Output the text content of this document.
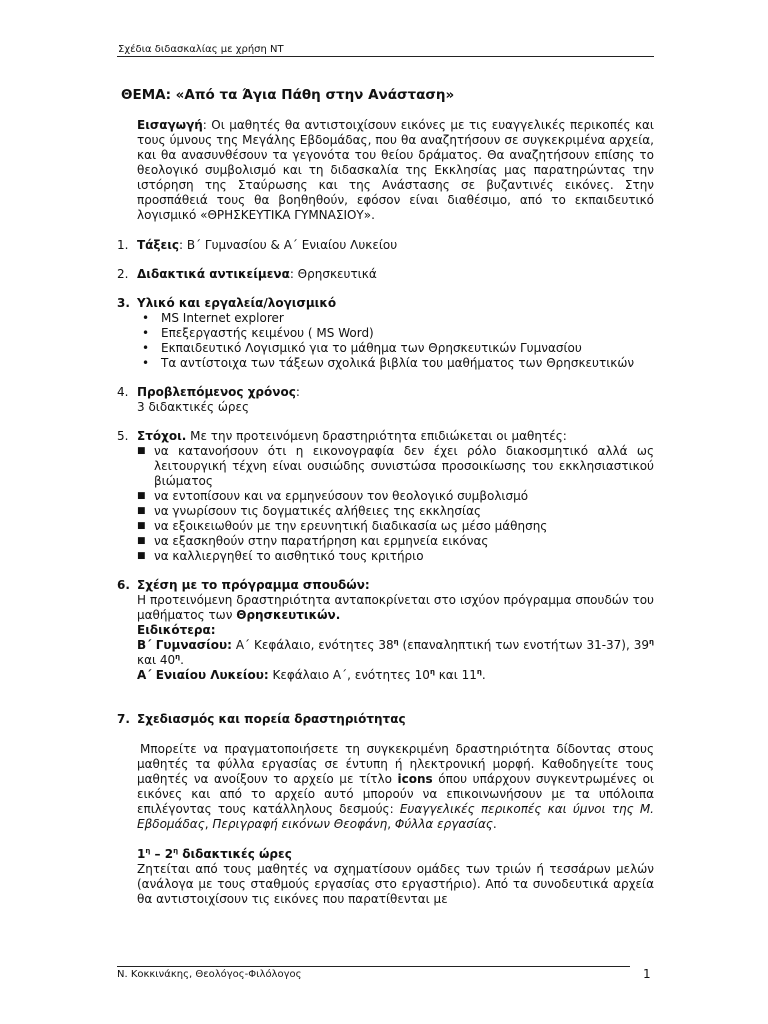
Σχέδια διδασκαλίας με χρήση ΝΤ
ΘΕΜΑ: «Από τα Άγια Πάθη στην Ανάσταση»
Εισαγωγή: Οι μαθητές θα αντιστοιχίσουν εικόνες με τις ευαγγελικές περικοπές και τους ύμνους της Μεγάλης Εβδομάδας, που θα αναζητήσουν σε συγκεκριμένα αρχεία, και θα ανασυνθέσουν τα γεγονότα του θείου δράματος. Θα αναζητήσουν επίσης το θεολογικό συμβολισμό και τη διδασκαλία της Εκκλησίας μας παρατηρώντας την ιστόρηση της Σταύρωσης και της Ανάστασης σε βυζαντινές εικόνες. Στην προσπάθειά τους θα βοηθηθούν, εφόσον είναι διαθέσιμο, από το εκπαιδευτικό λογισμικό «ΘΡΗΣΚΕΥΤΙΚΑ ΓΥΜΝΑΣΙΟΥ».
1. Τάξεις: Β΄ Γυμνασίου & Α΄ Ενιαίου Λυκείου
2. Διδακτικά αντικείμενα: Θρησκευτικά
3. Υλικό και εργαλεία/λογισμικό
• MS Internet explorer
• Επεξεργαστής κειμένου ( MS Word)
• Εκπαιδευτικό Λογισμικό για το μάθημα των Θρησκευτικών Γυμνασίου
• Τα αντίστοιχα των τάξεων σχολικά βιβλία του μαθήματος των Θρησκευτικών
4. Προβλεπόμενος χρόνος:
3 διδακτικές ώρες
5. Στόχοι. Με την προτεινόμενη δραστηριότητα επιδιώκεται οι μαθητές:
■ να κατανοήσουν ότι η εικονογραφία δεν έχει ρόλο διακοσμητικό αλλά ως λειτουργική τέχνη είναι ουσιώδης συνιστώσα προσοικίωσης του εκκλησιαστικού βιώματος
■ να εντοπίσουν και να ερμηνεύσουν τον θεολογικό συμβολισμό
■ να γνωρίσουν τις δογματικές αλήθειες της εκκλησίας
■ να εξοικειωθούν με την ερευνητική διαδικασία ως μέσο μάθησης
■ να εξασκηθούν στην παρατήρηση και ερμηνεία εικόνας
■ να καλλιεργηθεί το αισθητικό τους κριτήριο
6. Σχέση με το πρόγραμμα σπουδών:
Η προτεινόμενη δραστηριότητα ανταποκρίνεται στο ισχύον πρόγραμμα σπουδών του μαθήματος των Θρησκευτικών.
Ειδικότερα:
Β΄ Γυμνασίου: Α΄ Κεφάλαιο, ενότητες $38^\eta$ (επαναληπτική των ενοτήτων 31-37), $39^\eta$ και $40^\eta$.
Α΄ Ενιαίου Λυκείου: Κεφάλαιο Α΄, ενότητες $10^\eta$ και $11^\eta$.
7. Σχεδιασμός και πορεία δραστηριότητας
Μπορείτε να πραγματοποιήσετε τη συγκεκριμένη δραστηριότητα δίδοντας στους μαθητές τα φύλλα εργασίας σε έντυπη ή ηλεκτρονική μορφή. Καθοδηγείτε τους μαθητές να ανοίξουν το αρχείο με τίτλο icons όπου υπάρχουν συγκεντρωμένες οι εικόνες και από το αρχείο αυτό μπορούν να επικοινωνήσουν με τα υπόλοιπα επιλέγοντας τους κατάλληλους δεσμούς: Ευαγγελικές περικοπές και ύμνοι της Μ. Εβδομάδας, Περιγραφή εικόνων Θεοφάνη, Φύλλα εργασίας.
$1^\eta - 2^\eta$ διδακτικές ώρες
Ζητείται από τους μαθητές να σχηματίσουν ομάδες των τριών ή τεσσάρων μελών (ανάλογα με τους σταθμούς εργασίας στο εργαστήριο). Από τα συνοδευτικά αρχεία θα αντιστοιχίσουν τις εικόνες που παρατίθενται με
Ν. Κοκκινάκης, Θεολόγος-Φιλόλογος	1
